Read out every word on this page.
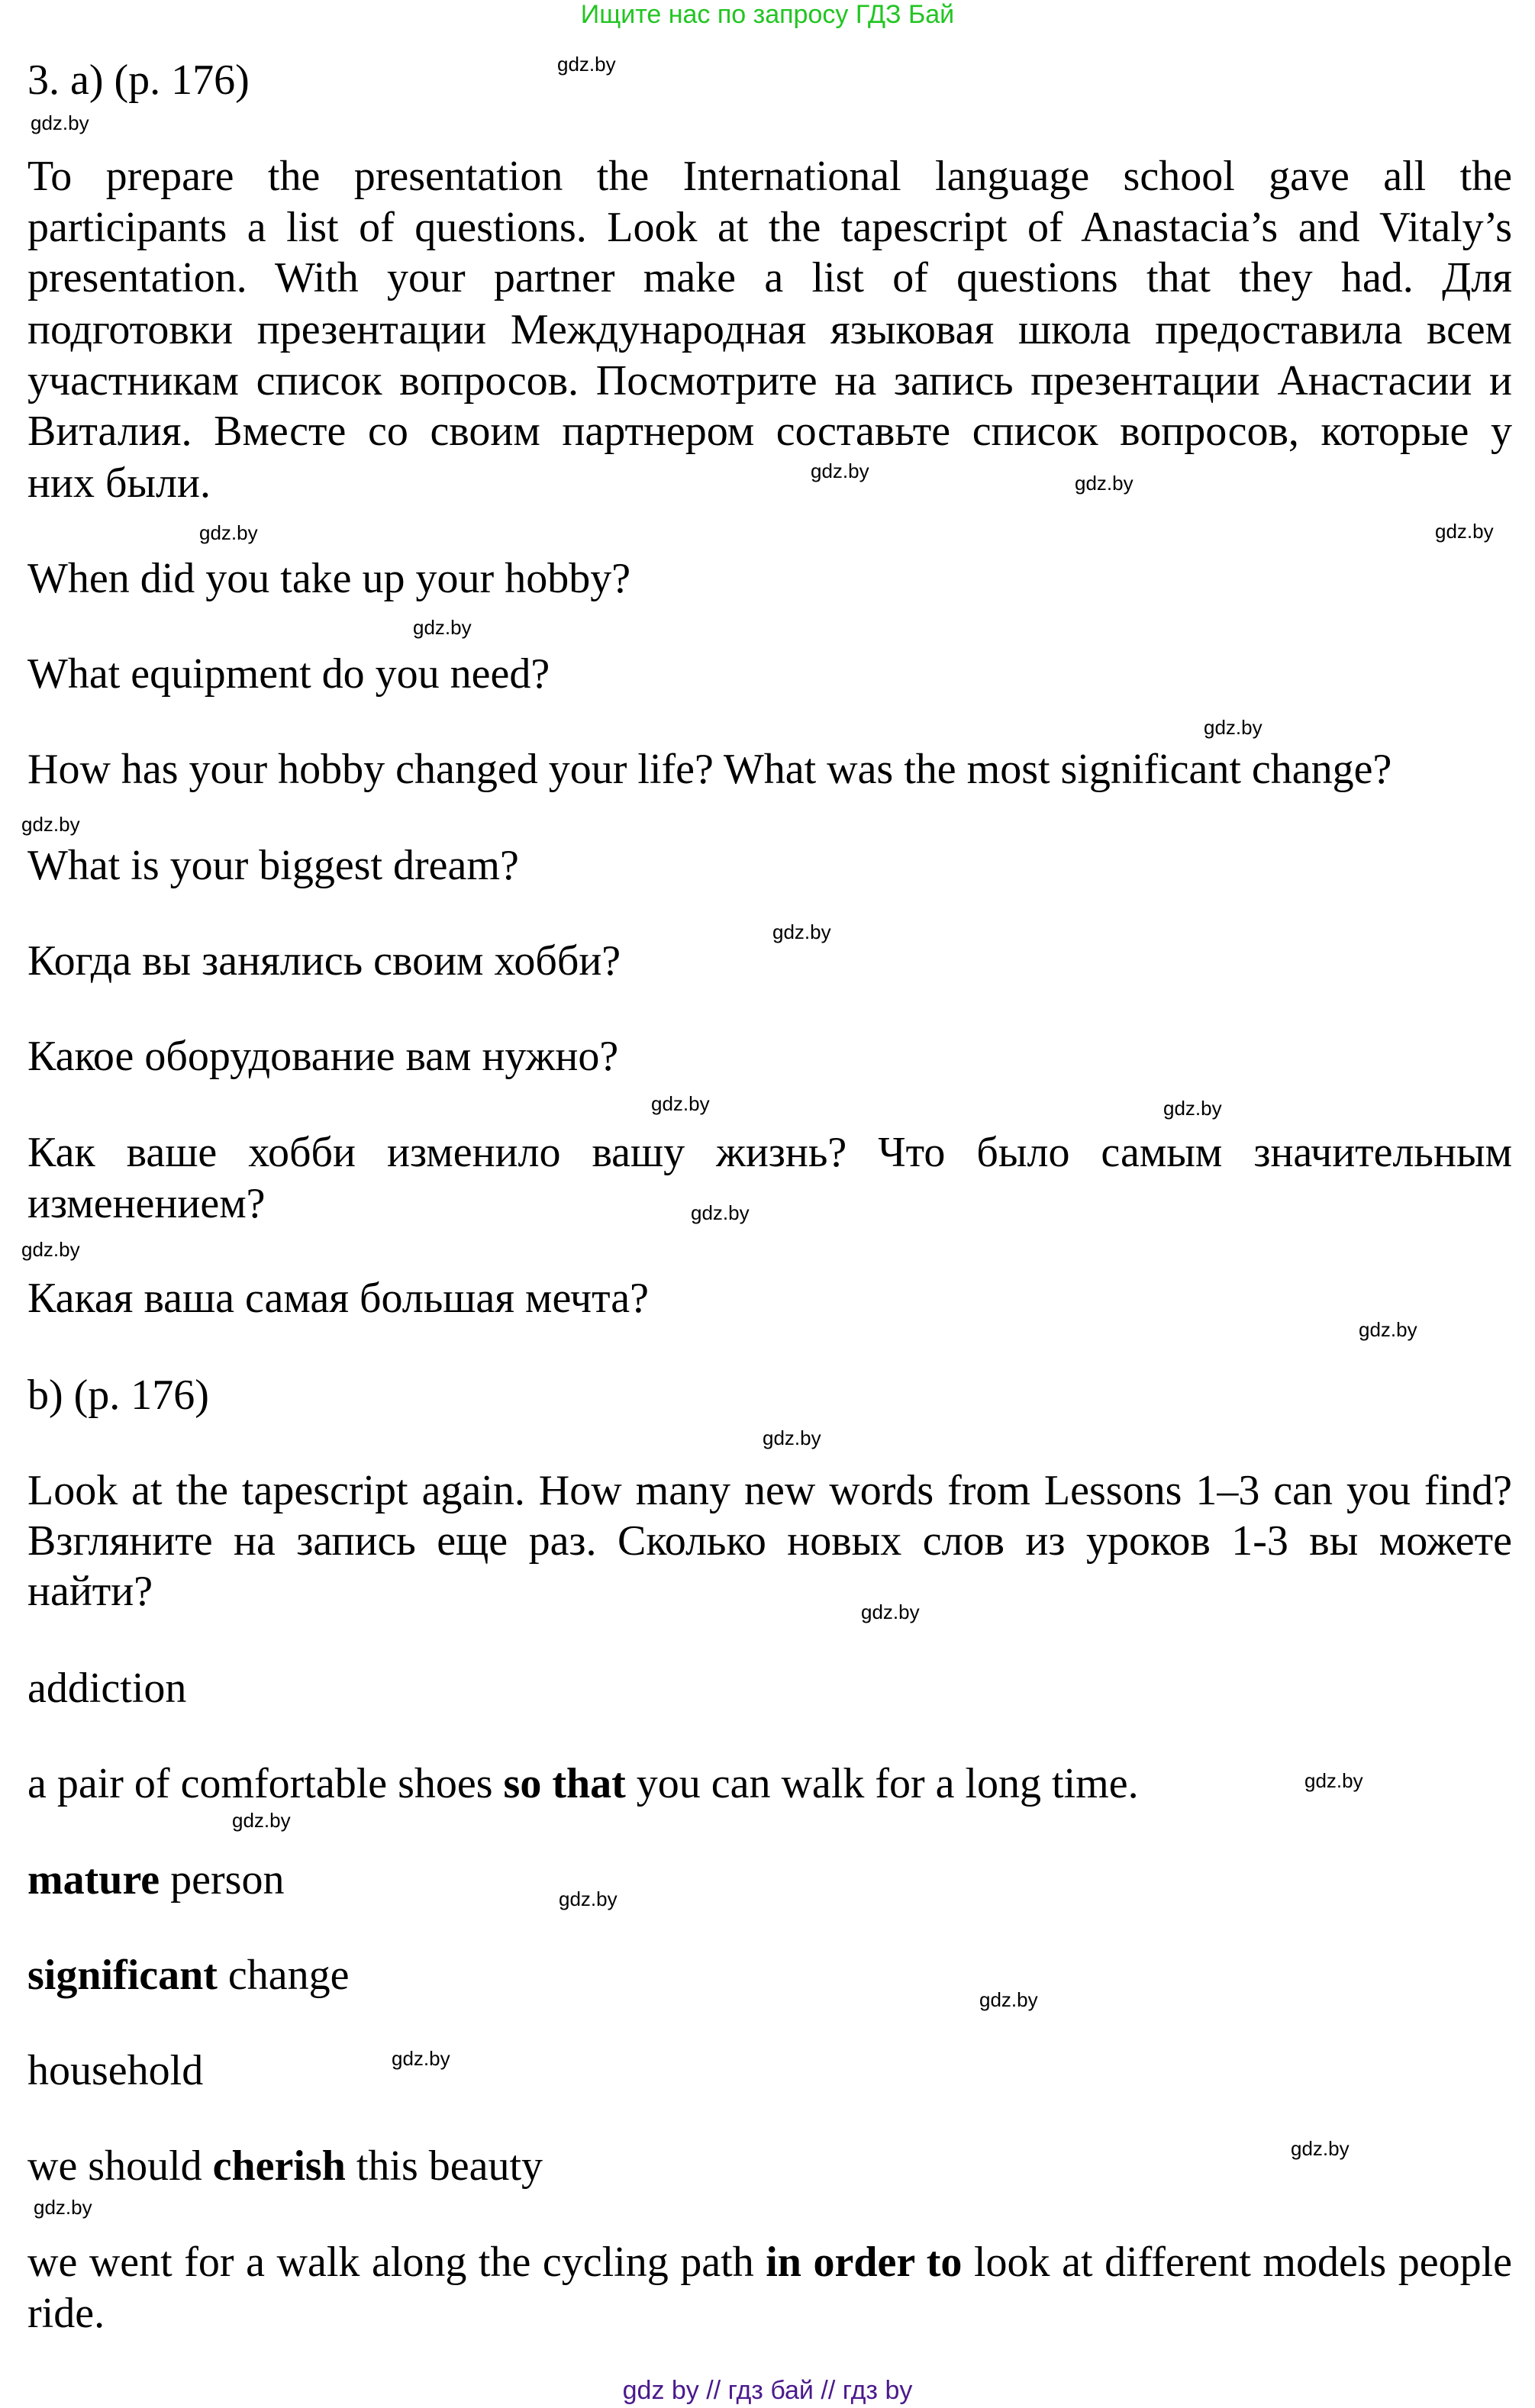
Ищите нас по запросу ГДЗ Бай
3. a) (p. 176)
To prepare the presentation the International language school gave all the
participants a list of questions. Look at the tapescript of Anastacia’s and Vitaly’s
presentation. With your partner make a list of questions that they had. Для
подготовки презентации Международная языковая школа предоставила всем
участникам список вопросов. Посмотрите на запись презентации Анастасии и
Виталия. Вместе со своим партнером составьте список вопросов, которые у
них были.
When did you take up your hobby?
What equipment do you need?
How has your hobby changed your life? What was the most significant change?
What is your biggest dream?
Когда вы занялись своим хобби?
Какое оборудование вам нужно?
Как ваше хобби изменило вашу жизнь? Что было самым значительным
изменением?
Какая ваша самая большая мечта?
b) (p. 176)
Look at the tapescript again. How many new words from Lessons 1–3 can you find?
Взгляните на запись еще раз. Сколько новых слов из уроков 1-3 вы можете
найти?
addiction
a pair of comfortable shoes so that you can walk for a long time.
mature person
significant change
household
we should cherish this beauty
we went for a walk along the cycling path in order to look at different models people
ride.
gdz.by
gdz.by
gdz.by
gdz.by
gdz.by
gdz.by
gdz.by
gdz.by
gdz.by
gdz.by
gdz.by	gdz.by
gdz.by
gdz.by
gdz.by
gdz.by
gdz.by
gdz.by
gdz.by
gdz.by
gdz.by
gdz.by
gdz.by
gdz.by
gdz by // гдз бай // гдз by
